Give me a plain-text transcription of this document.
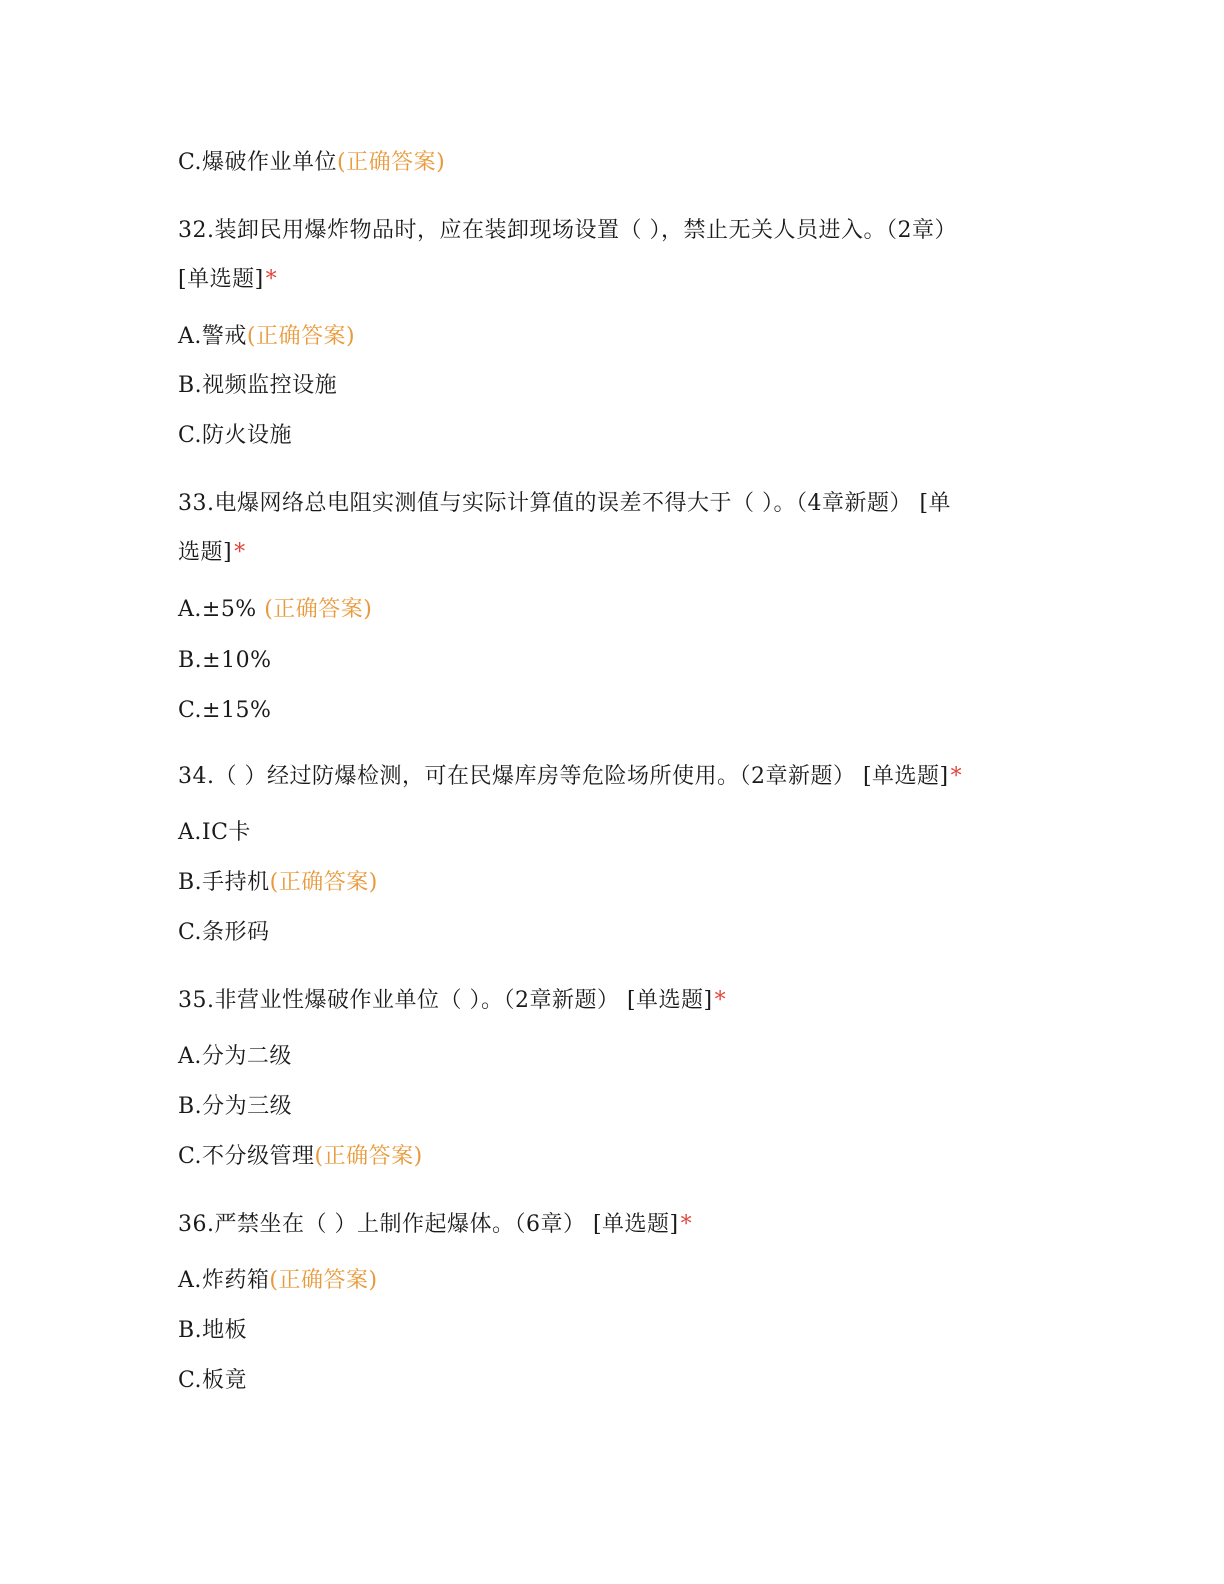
C.爆破作业单位(正确答案)
32.装卸民用爆炸物品时，应在装卸现场设置（ ），禁止无关人员进入。（2章）
[单选题]*
A.警戒(正确答案)
B.视频监控设施
C.防火设施
33.电爆网络总电阻实测值与实际计算值的误差不得大于（ ）。（4章新题） [单
选题]*
A.±5% (正确答案)
B.±10%
C.±15%
34.（ ）经过防爆检测，可在民爆库房等危险场所使用。（2章新题） [单选题]*
A.IC卡
B.手持机(正确答案)
C.条形码
35.非营业性爆破作业单位（ ）。（2章新题） [单选题]*
A.分为二级
B.分为三级
C.不分级管理(正确答案)
36.严禁坐在（ ）上制作起爆体。（6章） [单选题]*
A.炸药箱(正确答案)
B.地板
C.板竟
